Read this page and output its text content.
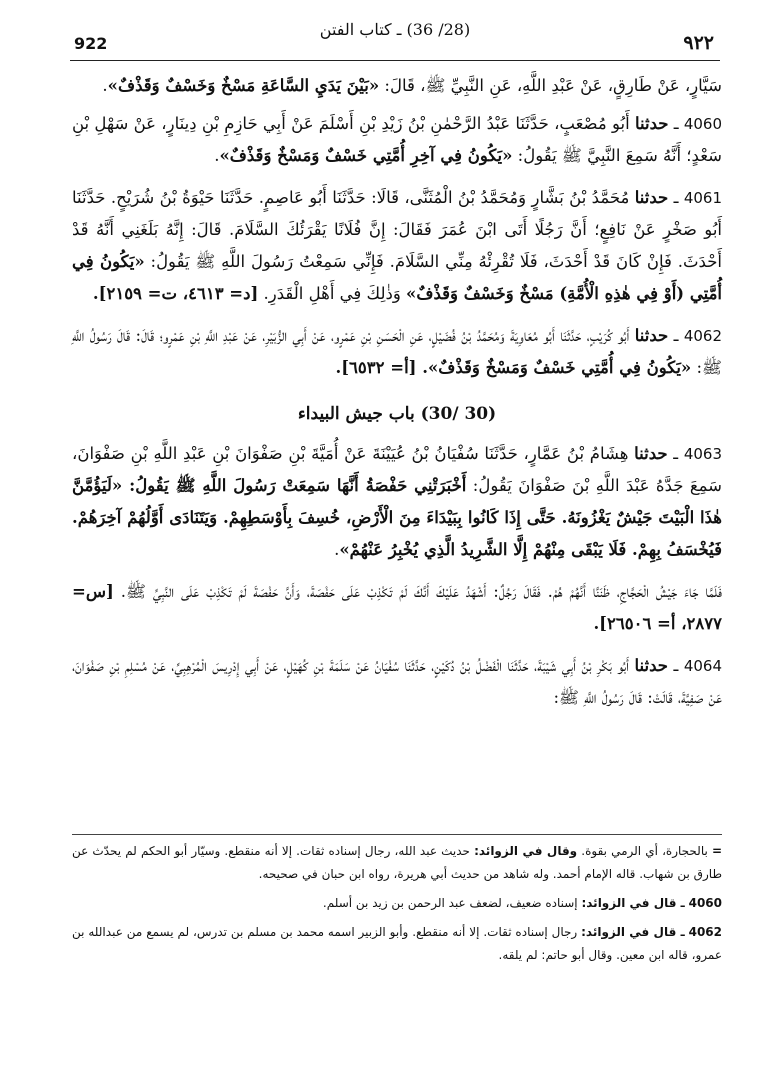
922
(28/ 36) ـ كتاب الفتن
٩٢٢

سَيَّارٍ، عَنْ طَارِقٍ، عَنْ عَبْدِ اللَّهِ، عَنِ النَّبِيِّ ﷺ، قَالَ: «بَيْنَ يَدَيِ السَّاعَةِ مَسْخٌ وَخَسْفٌ وَقَذْفٌ».

4060 ـ حدثنا أَبُو مُصْعَبٍ، حَدَّثَنَا عَبْدُ الرَّحْمٰنِ بْنُ زَيْدِ بْنِ أَسْلَمَ عَنْ أَبِي حَازِمِ بْنِ دِينَارٍ، عَنْ سَهْلِ بْنِ سَعْدٍ؛ أَنَّهُ سَمِعَ النَّبِيَّ ﷺ يَقُولُ: «يَكُونُ فِي آخِرِ أُمَّتِي خَسْفٌ وَمَسْخٌ وَقَذْفٌ».

4061 ـ حدثنا مُحَمَّدُ بْنُ بَشَّارٍ وَمُحَمَّدُ بْنُ الْمُثَنَّى، قَالَا: حَدَّثَنَا أَبُو عَاصِمٍ. حَدَّثَنَا حَيْوَةُ بْنُ شُرَيْحٍ. حَدَّثَنَا أَبُو صَخْرٍ عَنْ نَافِعٍ؛ أَنَّ رَجُلًا أَتَى ابْنَ عُمَرَ فَقَالَ: إِنَّ فُلَانًا يَقْرَئُكَ السَّلَامَ. قَالَ: إِنَّهُ بَلَغَنِي أَنَّهُ قَدْ أَحْدَثَ. فَإِنْ كَانَ قَدْ أَحْدَثَ، فَلَا تُقْرِئْهُ مِنِّي السَّلَامَ. فَإِنِّي سَمِعْتُ رَسُولَ اللَّهِ ﷺ يَقُولُ: «يَكُونُ فِي أُمَّتِي (أَوْ فِي هٰذِهِ الْأُمَّةِ) مَسْخٌ وَخَسْفٌ وَقَذْفٌ» وَذٰلِكَ فِي أَهْلِ الْقَدَرِ. [د= ٤٦١٣، ت= ٢١٥٩].

4062 ـ حدثنا أَبُو كُرَيْبٍ، حَدَّثَنَا أَبُو مُعَاوِيَةَ وَمُحَمَّدُ بْنُ فُضَيْلٍ، عَنِ الْحَسَنِ بْنِ عَمْرٍو، عَنْ أَبِي الزُّبَيْرِ، عَنْ عَبْدِ اللَّهِ بْنِ عَمْرٍو؛ قَالَ: قَالَ رَسُولُ اللَّهِ ﷺ: «يَكُونُ فِي أُمَّتِي خَسْفٌ وَمَسْخٌ وَقَذْفٌ». [أ= ٦٥٣٢].

(30 /30) باب جيش البيداء

4063 ـ حدثنا هِشَامُ بْنُ عَمَّارٍ، حَدَّثَنَا سُفْيَانُ بْنُ عُيَيْنَةَ عَنْ أُمَيَّةَ بْنِ صَفْوَانَ بْنِ عَبْدِ اللَّهِ بْنِ صَفْوَانَ، سَمِعَ جَدَّهُ عَبْدَ اللَّهِ بْنَ صَفْوَانَ يَقُولُ: أَخْبَرَتْنِي حَفْصَةُ أَنَّهَا سَمِعَتْ رَسُولَ اللَّهِ ﷺ يَقُولُ: «لَيَؤُمَّنَّ هٰذَا الْبَيْتَ جَيْشٌ يَغْزُونَهُ. حَتَّى إِذَا كَانُوا بِبَيْدَاءَ مِنَ الْأَرْضِ، خُسِفَ بِأَوْسَطِهِمْ. وَيَتَنَادَى أَوَّلُهُمْ آخِرَهُمْ. فَيُخْسَفُ بِهِمْ. فَلَا يَبْقَى مِنْهُمْ إِلَّا الشَّرِيدُ الَّذِي يُخْبِرُ عَنْهُمْ».

فَلَمَّا جَاءَ جَيْشُ الْحَجَّاجِ، ظَنَنَّا أَنَّهُمْ هُمْ. فَقَالَ رَجُلٌ: أَشْهَدُ عَلَيْكَ أَنَّكَ لَمْ تَكْذِبْ عَلَى حَفْصَةَ، وَأَنَّ حَفْصَةَ لَمْ تَكْذِبْ عَلَى النَّبِيِّ ﷺ. [س= ٢٨٧٧، أ= ٢٦٥٠٦].

4064 ـ حدثنا أَبُو بَكْرِ بْنُ أَبِي شَيْبَةَ، حَدَّثَنَا الْفَضْلُ بْنُ دُكَيْنٍ، حَدَّثَنَا سُفْيَانُ عَنْ سَلَمَةَ بْنِ كُهَيْلٍ، عَنْ أَبِي إِدْرِيسَ الْمُرْهِبِيِّ، عَنْ مُسْلِمِ بْنِ صَفْوَانَ، عَنْ صَفِيَّةَ، قَالَتْ: قَالَ رَسُولُ اللَّهِ ﷺ:

= بالحجارة، أي الرمي بقوة. وقال في الزوائد: حديث عبد الله، رجال إسناده ثقات. إلا أنه منقطع. وسيّار أبو الحكم لم يحدّث عن طارق بن شهاب. قاله الإمام أحمد. وله شاهد من حديث أبي هريرة، رواه ابن حبان في صحيحه.

4060 ـ قال في الزوائد: إسناده ضعيف، لضعف عبد الرحمن بن زيد بن أسلم.

4062 ـ قال في الزوائد: رجال إسناده ثقات. إلا أنه منقطع. وأبو الزبير اسمه محمد بن مسلم بن تدرس، لم يسمع من عبدالله بن عمرو، قاله ابن معين. وقال أبو حاتم: لم يلقه.
